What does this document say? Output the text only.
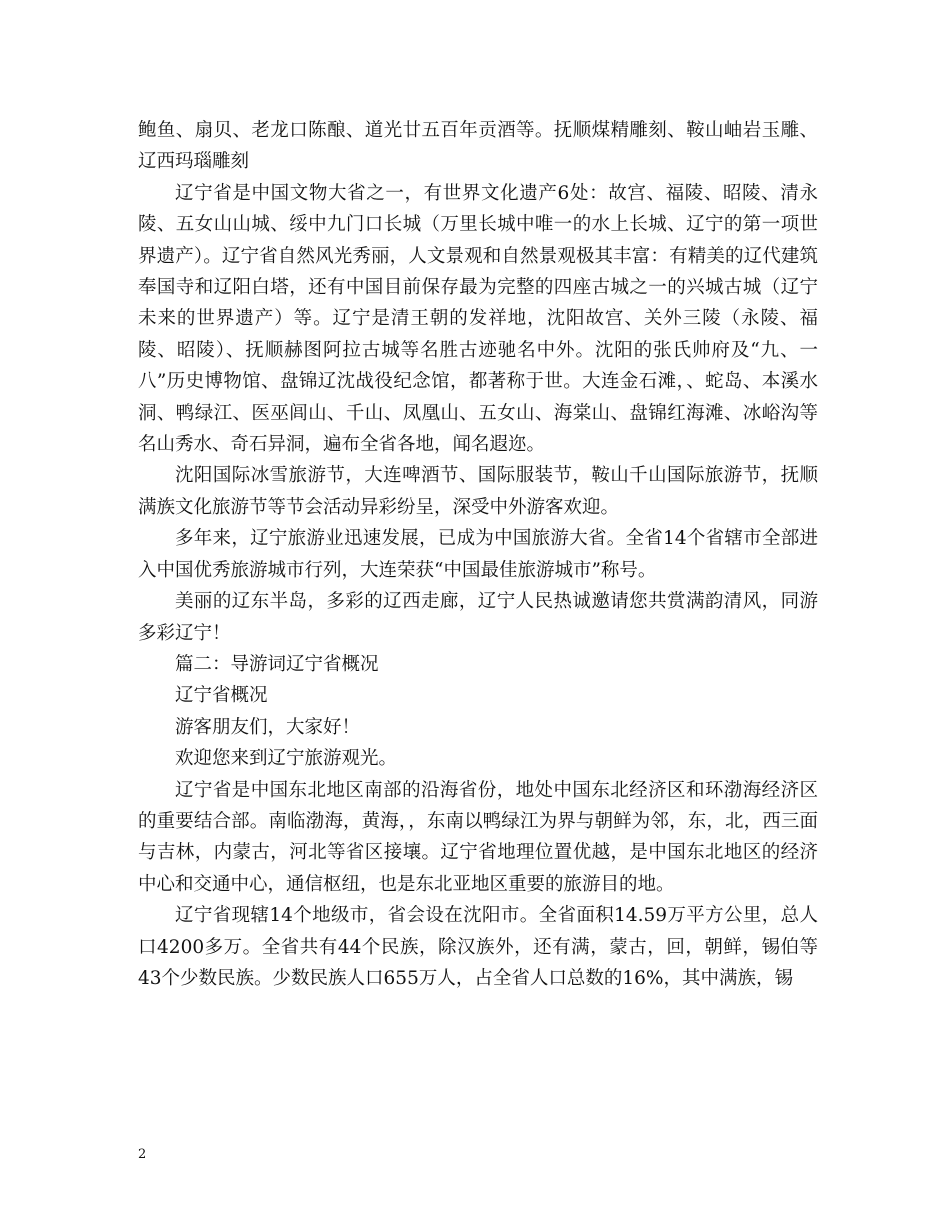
鲍鱼、扇贝、老龙口陈酿、道光廿五百年贡酒等。抚顺煤精雕刻、鞍山岫岩玉雕、辽西玛瑙雕刻

辽宁省是中国文物大省之一，有世界文化遗产6处：故宫、福陵、昭陵、清永陵、五女山山城、绥中九门口长城（万里长城中唯一的水上长城、辽宁的第一项世界遗产）。辽宁省自然风光秀丽，人文景观和自然景观极其丰富：有精美的辽代建筑奉国寺和辽阳白塔，还有中国目前保存最为完整的四座古城之一的兴城古城（辽宁未来的世界遗产）等。辽宁是清王朝的发祥地，沈阳故宫、关外三陵（永陵、福陵、昭陵）、抚顺赫图阿拉古城等名胜古迹驰名中外。沈阳的张氏帅府及“九、一八”历史博物馆、盘锦辽沈战役纪念馆，都著称于世。大连金石滩，、蛇岛、本溪水洞、鸭绿江、医巫闾山、千山、凤凰山、五女山、海棠山、盘锦红海滩、冰峪沟等名山秀水、奇石异洞，遍布全省各地，闻名遐迩。

沈阳国际冰雪旅游节，大连啤酒节、国际服装节，鞍山千山国际旅游节，抚顺满族文化旅游节等节会活动异彩纷呈，深受中外游客欢迎。

多年来，辽宁旅游业迅速发展，已成为中国旅游大省。全省14个省辖市全部进入中国优秀旅游城市行列，大连荣获“中国最佳旅游城市”称号。

美丽的辽东半岛，多彩的辽西走廊，辽宁人民热诚邀请您共赏满韵清风，同游多彩辽宁！

篇二：导游词辽宁省概况

辽宁省概况

游客朋友们，大家好！

欢迎您来到辽宁旅游观光。

辽宁省是中国东北地区南部的沿海省份，地处中国东北经济区和环渤海经济区的重要结合部。南临渤海，黄海，，东南以鸭绿江为界与朝鲜为邻，东，北，西三面与吉林，内蒙古，河北等省区接壤。辽宁省地理位置优越，是中国东北地区的经济中心和交通中心，通信枢纽，也是东北亚地区重要的旅游目的地。

辽宁省现辖14个地级市，省会设在沈阳市。全省面积14.59万平方公里，总人口4200多万。全省共有44个民族，除汉族外，还有满，蒙古，回，朝鲜，锡伯等43个少数民族。少数民族人口655万人，占全省人口总数的16%，其中满族，锡

2
